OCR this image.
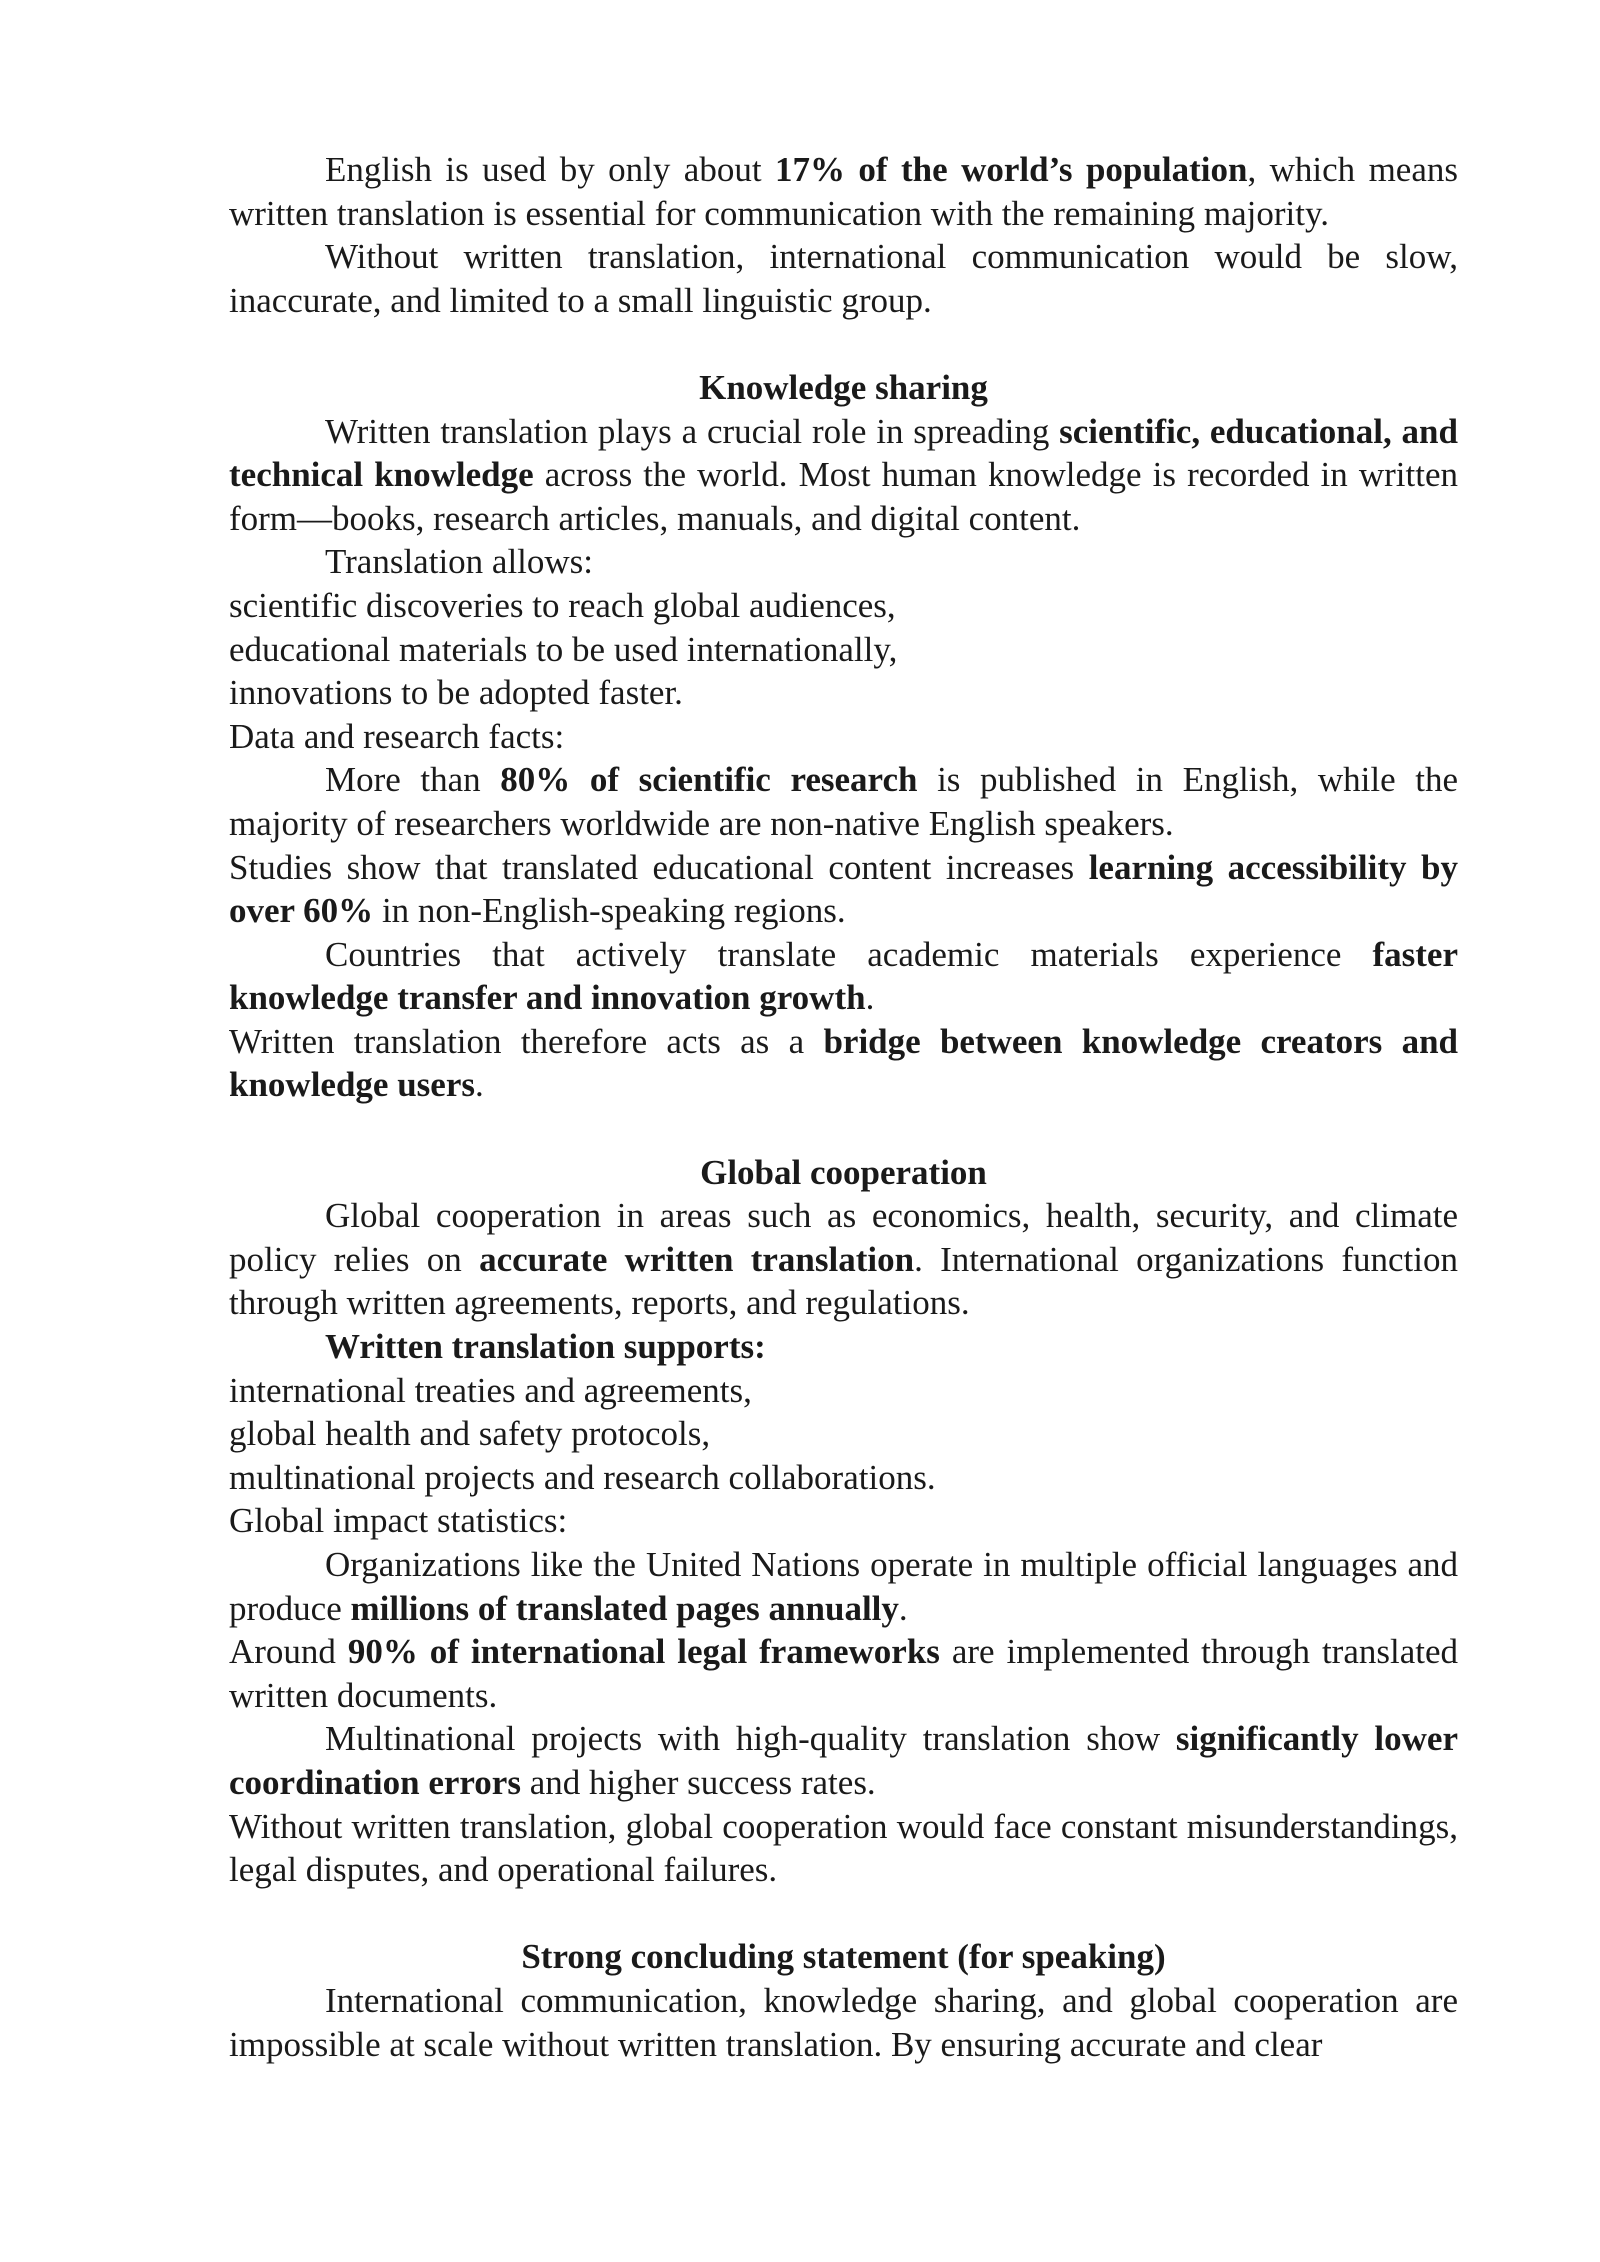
English is used by only about 17% of the world’s population, which means written translation is essential for communication with the remaining majority.

Without written translation, international communication would be slow, inaccurate, and limited to a small linguistic group.

Knowledge sharing

Written translation plays a crucial role in spreading scientific, educational, and technical knowledge across the world. Most human knowledge is recorded in written form—books, research articles, manuals, and digital content.

Translation allows:

scientific discoveries to reach global audiences,

educational materials to be used internationally,

innovations to be adopted faster.

Data and research facts:

More than 80% of scientific research is published in English, while the majority of researchers worldwide are non-native English speakers.

Studies show that translated educational content increases learning accessibility by over 60% in non-English-speaking regions.

Countries that actively translate academic materials experience faster knowledge transfer and innovation growth.

Written translation therefore acts as a bridge between knowledge creators and knowledge users.

Global cooperation

Global cooperation in areas such as economics, health, security, and climate policy relies on accurate written translation. International organizations function through written agreements, reports, and regulations.

Written translation supports:

international treaties and agreements,

global health and safety protocols,

multinational projects and research collaborations.

Global impact statistics:

Organizations like the United Nations operate in multiple official languages and produce millions of translated pages annually.

Around 90% of international legal frameworks are implemented through translated written documents.

Multinational projects with high-quality translation show significantly lower coordination errors and higher success rates.

Without written translation, global cooperation would face constant misunderstandings, legal disputes, and operational failures.

Strong concluding statement (for speaking)

International communication, knowledge sharing, and global cooperation are impossible at scale without written translation. By ensuring accurate and clear
